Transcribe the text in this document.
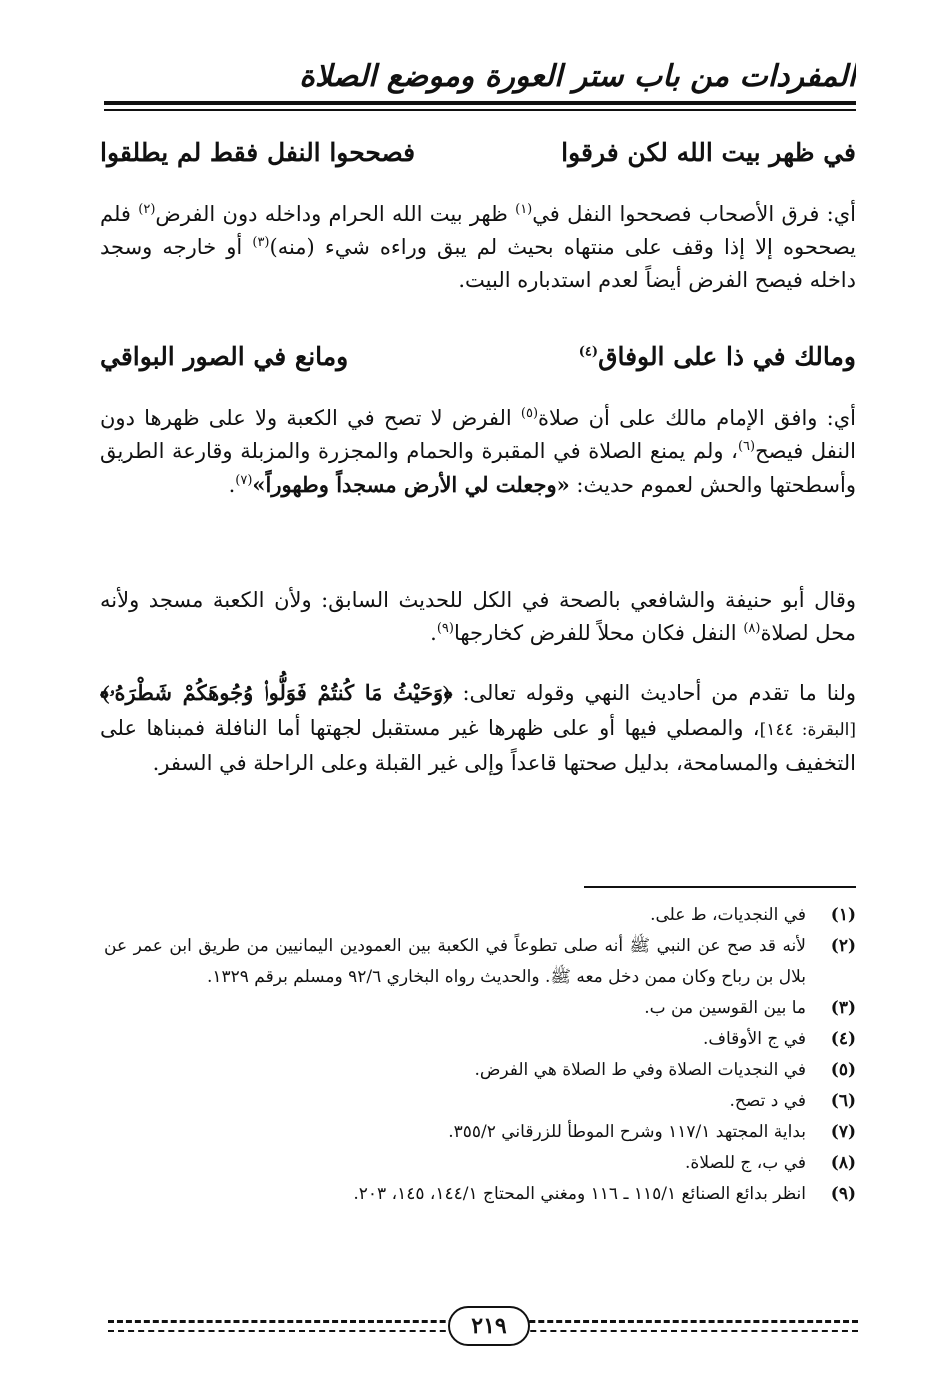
المفردات من باب ستر العورة وموضع الصلاة
في ظهر بيت الله لكن فرقوا
فصححوا النفل فقط لم يطلقوا
أي: فرق الأصحاب فصححوا النفل في$^{(١)}$ ظهر بيت الله الحرام وداخله دون الفرض$^{(٢)}$ فلم يصححوه إلا إذا وقف على منتهاه بحيث لم يبق وراءه شيء (منه)$^{(٣)}$ أو خارجه وسجد داخله فيصح الفرض أيضاً لعدم استدباره البيت.
ومالك في ذا على الوفاق$^{(٤)}$
ومانع في الصور البواقي
أي: وافق الإمام مالك على أن صلاة$^{(٥)}$ الفرض لا تصح في الكعبة ولا على ظهرها دون النفل فيصح$^{(٦)}$، ولم يمنع الصلاة في المقبرة والحمام والمجزرة والمزبلة وقارعة الطريق وأسطحتها والحش لعموم حديث: «وجعلت لي الأرض مسجداً وطهوراً»$^{(٧)}$.
وقال أبو حنيفة والشافعي بالصحة في الكل للحديث السابق: ولأن الكعبة مسجد ولأنه محل لصلاة$^{(٨)}$ النفل فكان محلاً للفرض كخارجها$^{(٩)}$.
ولنا ما تقدم من أحاديث النهي وقوله تعالى: ﴿وَحَيْثُ مَا كُنتُمْ فَوَلُّوا۟ وُجُوهَكُمْ شَطْرَهُۥ﴾ [البقرة: ١٤٤]، والمصلي فيها أو على ظهرها غير مستقبل لجهتها أما النافلة فمبناها على التخفيف والمسامحة، بدليل صحتها قاعداً وإلى غير القبلة وعلى الراحلة في السفر.
(١)
في النجديات، ط على.
(٢)
لأنه قد صح عن النبي ﷺ أنه صلى تطوعاً في الكعبة بين العمودين اليمانيين من طريق ابن عمر عن بلال بن رباح وكان ممن دخل معه ﷺ. والحديث رواه البخاري ٩٢/٦ ومسلم برقم ١٣٢٩.
(٣)
ما بين القوسين من ب.
(٤)
في ج الأوقاف.
(٥)
في النجديات الصلاة وفي ط الصلاة هي الفرض.
(٦)
في د تصح.
(٧)
بداية المجتهد ١١٧/١ وشرح الموطأ للزرقاني ٣٥٥/٢.
(٨)
في ب، ج للصلاة.
(٩)
انظر بدائع الصنائع ١١٥/١ ـ ١١٦ ومغني المحتاج ١٤٤/١، ١٤٥، ٢٠٣.
٢١٩
